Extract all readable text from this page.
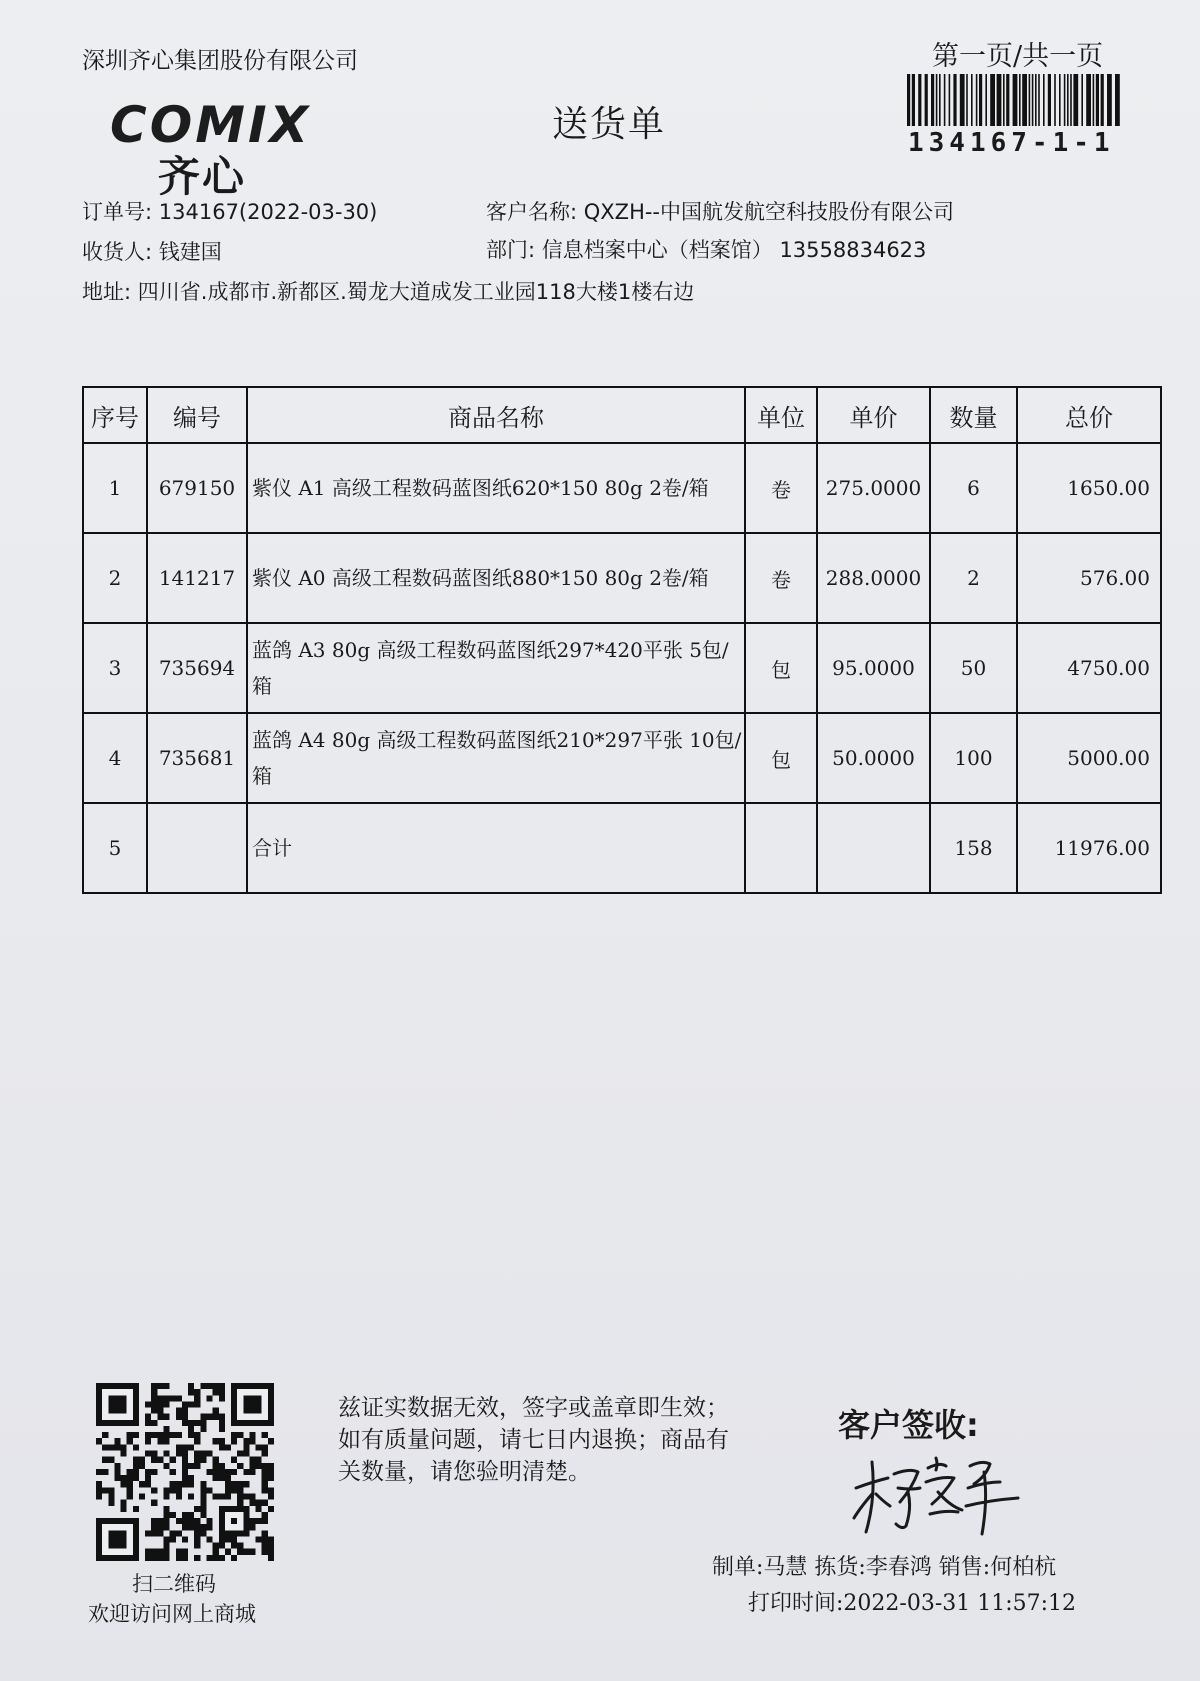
深圳齐心集团股份有限公司	第一页/共一页
COMIX
齐心
送货单	134167-1-1
订单号: 134167(2022-03-30)	客户名称: QXZH--中国航发航空科技股份有限公司
收货人: 钱建国	部门: 信息档案中心（档案馆） 13558834623
地址: 四川省.成都市.新都区.蜀龙大道成发工业园118大楼1楼右边
序号	编号	商品名称	单位	单价	数量	总价
1	679150	紫仪 A1 高级工程数码蓝图纸620*150 80g 2卷/箱	卷	275.0000	6	1650.00
2	141217	紫仪 A0 高级工程数码蓝图纸880*150 80g 2卷/箱	卷	288.0000	2	576.00
3	735694	蓝鸽 A3 80g 高级工程数码蓝图纸297*420平张 5包/箱	包	95.0000	50	4750.00
4	735681	蓝鸽 A4 80g 高级工程数码蓝图纸210*297平张 10包/箱	包	50.0000	100	5000.00
5		合计			158	11976.00
扫二维码
欢迎访问网上商城
兹证实数据无效，签字或盖章即生效；如有质量问题，请七日内退换；商品有关数量，请您验明清楚。
客户签收:
制单:马慧 拣货:李春鸿 销售:何柏杭
打印时间:2022-03-31 11:57:12
